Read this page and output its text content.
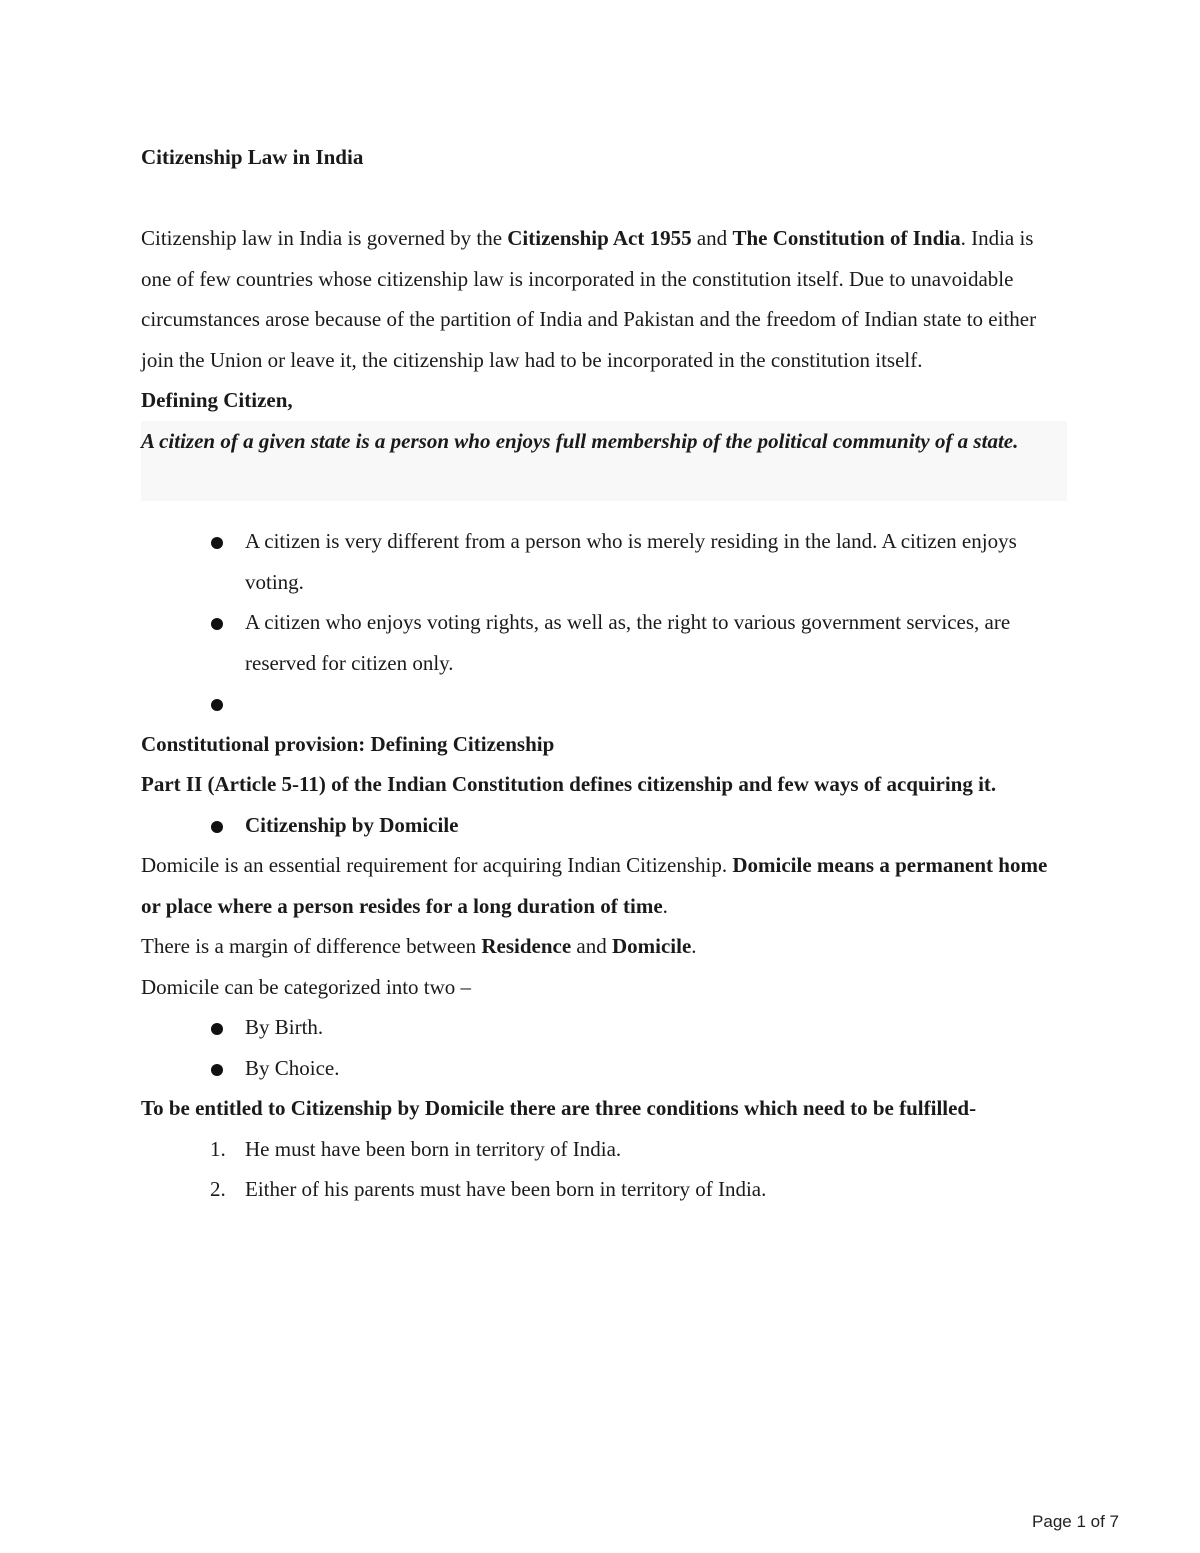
Citizenship Law in India

Citizenship law in India is governed by the Citizenship Act 1955 and The Constitution of India. India is one of few countries whose citizenship law is incorporated in the constitution itself. Due to unavoidable circumstances arose because of the partition of India and Pakistan and the freedom of Indian state to either join the Union or leave it, the citizenship law had to be incorporated in the constitution itself.

Defining Citizen,

A citizen of a given state is a person who enjoys full membership of the political community of a state.

A citizen is very different from a person who is merely residing in the land. A citizen enjoys voting.
A citizen who enjoys voting rights, as well as, the right to various government services, are reserved for citizen only.

Constitutional provision: Defining Citizenship

Part II (Article 5-11) of the Indian Constitution defines citizenship and few ways of acquiring it.

Citizenship by Domicile

Domicile is an essential requirement for acquiring Indian Citizenship. Domicile means a permanent home or place where a person resides for a long duration of time.

There is a margin of difference between Residence and Domicile.

Domicile can be categorized into two –

By Birth.
By Choice.

To be entitled to Citizenship by Domicile there are three conditions which need to be fulfilled-

1. He must have been born in territory of India.
2. Either of his parents must have been born in territory of India.
Page 1 of 7
